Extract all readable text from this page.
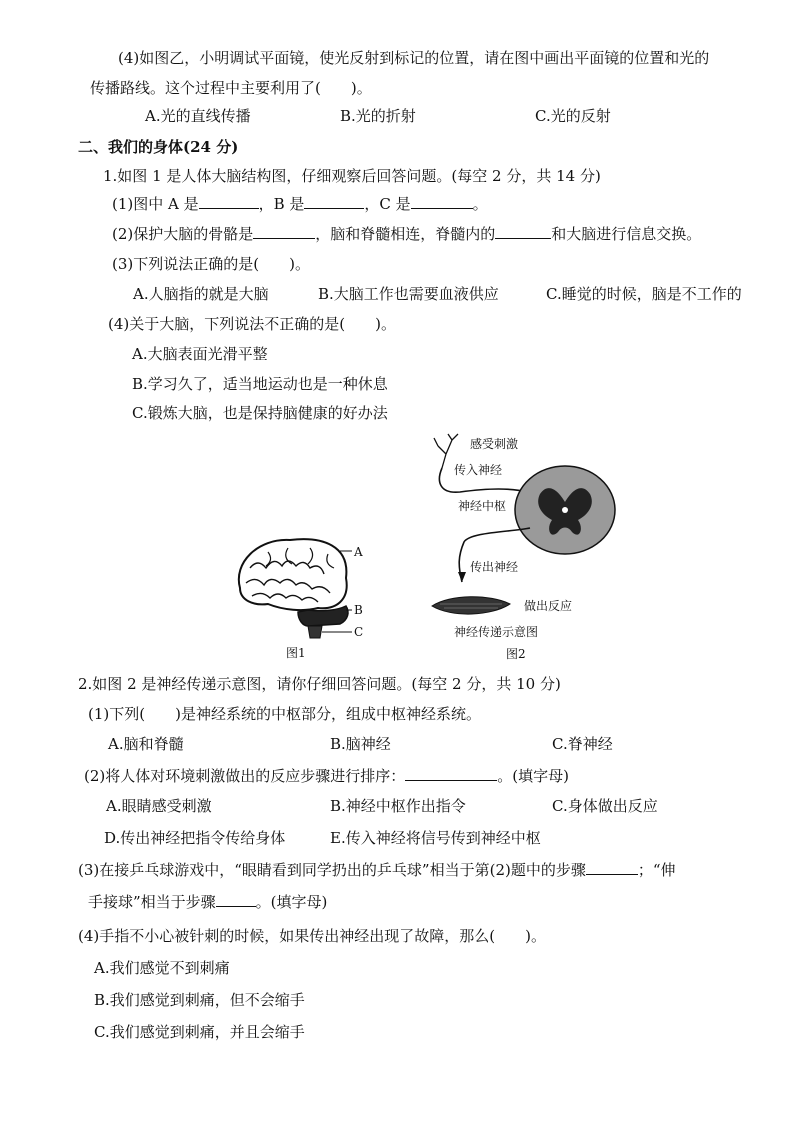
(4)如图乙，小明调试平面镜，使光反射到标记的位置，请在图中画出平面镜的位置和光的
传播路线。这个过程中主要利用了(　　)。
A.光的直线传播	B.光的折射	C.光的反射
二、我们的身体(24 分)
1.如图 1 是人体大脑结构图，仔细观察后回答问题。(每空 2 分，共 14 分)
(1)图中 A 是	，B 是	，C 是	。
(2)保护大脑的骨骼是	，脑和脊髓相连，脊髓内的	和大脑进行信息交换。
(3)下列说法正确的是(　　)。
A.人脑指的就是大脑	B.大脑工作也需要血液供应	C.睡觉的时候，脑是不工作的
(4)关于大脑，下列说法不正确的是(　　)。
A.大脑表面光滑平整
B.学习久了，适当地运动也是一种休息
C.锻炼大脑，也是保持脑健康的好办法
A
B
C
图1
感受刺激
传入神经
神经中枢
传出神经
做出反应
神经传递示意图
图2
2.如图 2 是神经传递示意图，请你仔细回答问题。(每空 2 分，共 10 分)
(1)下列(　　)是神经系统的中枢部分，组成中枢神经系统。
A.脑和脊髓	B.脑神经	C.脊神经
(2)将人体对环境刺激做出的反应步骤进行排序：	。(填字母)
A.眼睛感受刺激	B.神经中枢作出指令	C.身体做出反应
D.传出神经把指令传给身体	E.传入神经将信号传到神经中枢
(3)在接乒乓球游戏中，“眼睛看到同学扔出的乒乓球”相当于第(2)题中的步骤	；“伸
手接球”相当于步骤	。(填字母)
(4)手指不小心被针刺的时候，如果传出神经出现了故障，那么(　　)。
A.我们感觉不到刺痛
B.我们感觉到刺痛，但不会缩手
C.我们感觉到刺痛，并且会缩手
